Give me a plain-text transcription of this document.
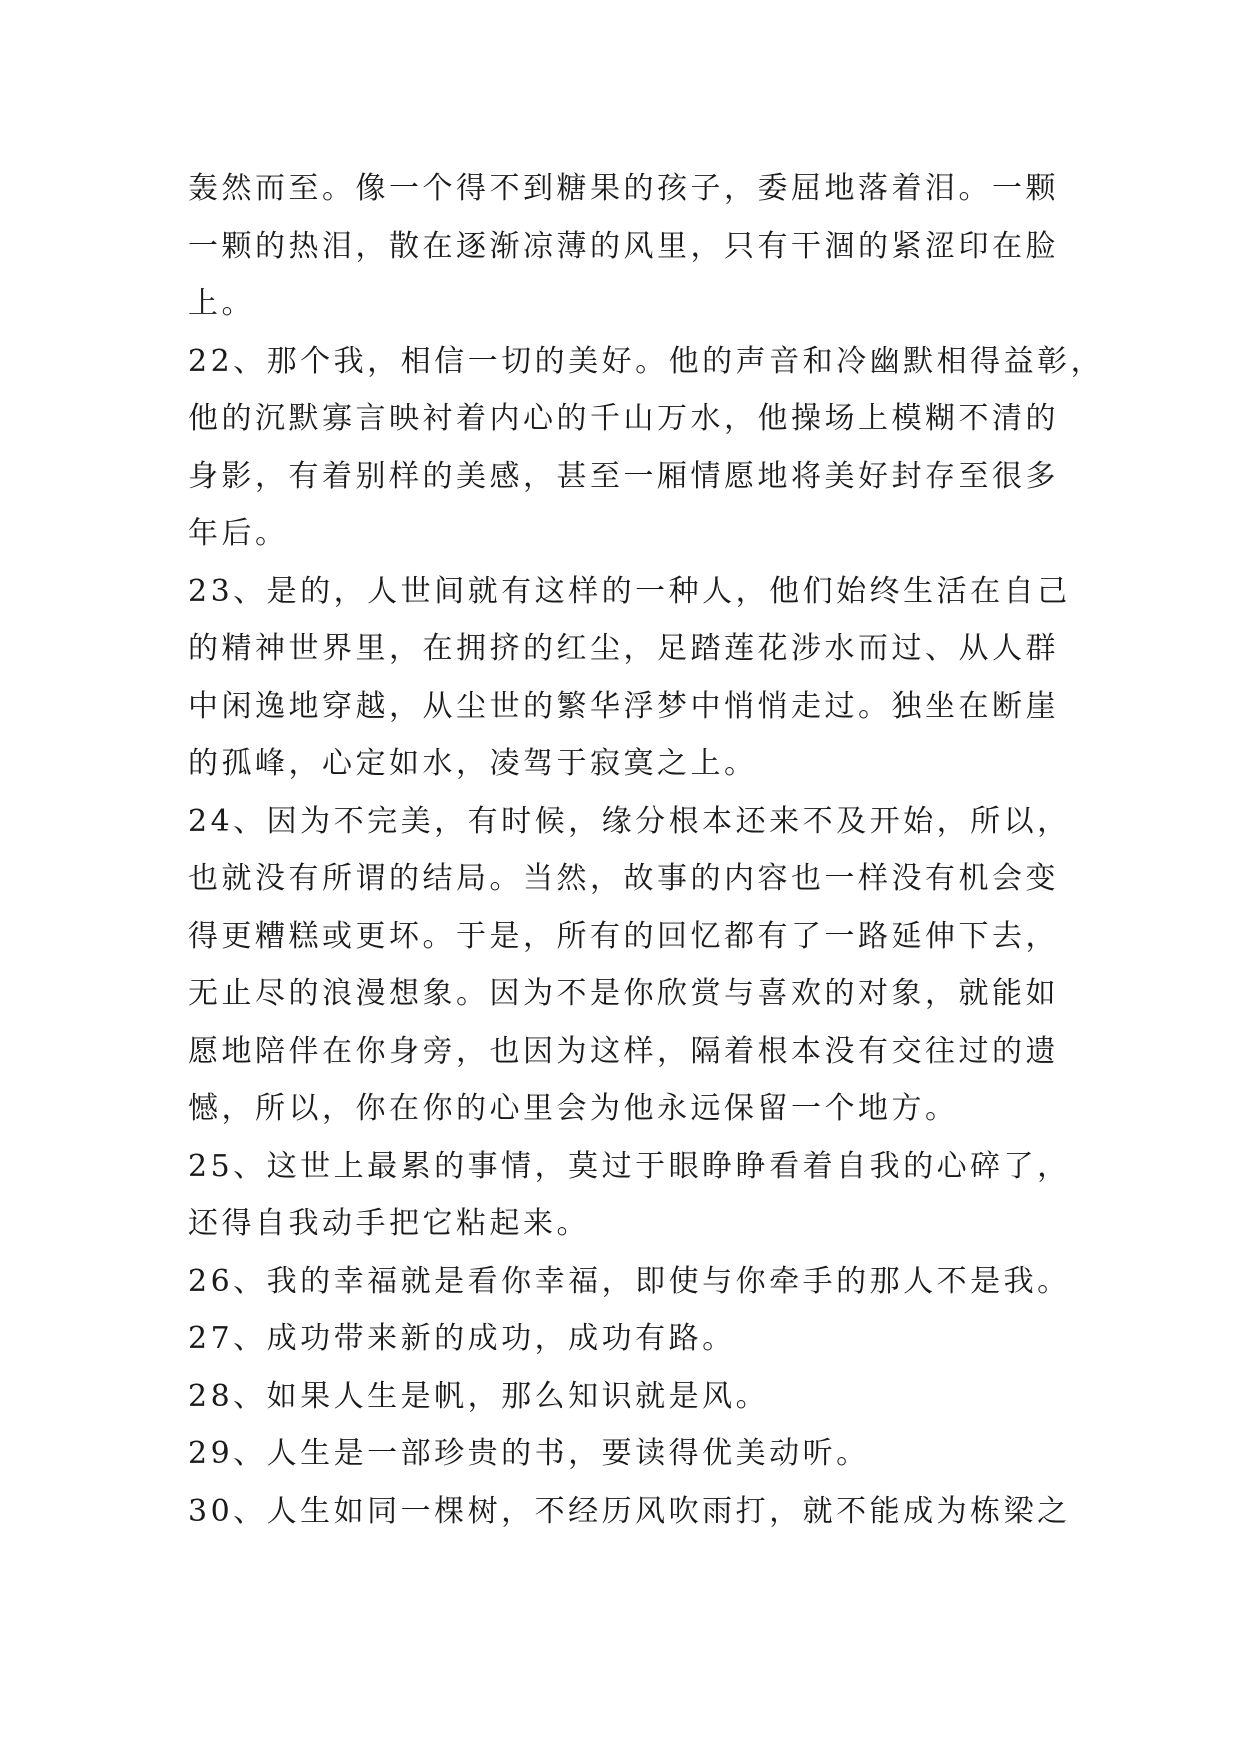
轰然而至。像一个得不到糖果的孩子，委屈地落着泪。一颗
一颗的热泪，散在逐渐凉薄的风里，只有干涸的紧涩印在脸
上。
22、那个我，相信一切的美好。他的声音和冷幽默相得益彰，
他的沉默寡言映衬着内心的千山万水，他操场上模糊不清的
身影，有着别样的美感，甚至一厢情愿地将美好封存至很多
年后。
23、是的，人世间就有这样的一种人，他们始终生活在自己
的精神世界里，在拥挤的红尘，足踏莲花涉水而过、从人群
中闲逸地穿越，从尘世的繁华浮梦中悄悄走过。独坐在断崖
的孤峰，心定如水，凌驾于寂寞之上。
24、因为不完美，有时候，缘分根本还来不及开始，所以，
也就没有所谓的结局。当然，故事的内容也一样没有机会变
得更糟糕或更坏。于是，所有的回忆都有了一路延伸下去，
无止尽的浪漫想象。因为不是你欣赏与喜欢的对象，就能如
愿地陪伴在你身旁，也因为这样，隔着根本没有交往过的遗
憾，所以，你在你的心里会为他永远保留一个地方。
25、这世上最累的事情，莫过于眼睁睁看着自我的心碎了，
还得自我动手把它粘起来。
26、我的幸福就是看你幸福，即使与你牵手的那人不是我。
27、成功带来新的成功，成功有路。
28、如果人生是帆，那么知识就是风。
29、人生是一部珍贵的书，要读得优美动听。
30、人生如同一棵树，不经历风吹雨打，就不能成为栋梁之
